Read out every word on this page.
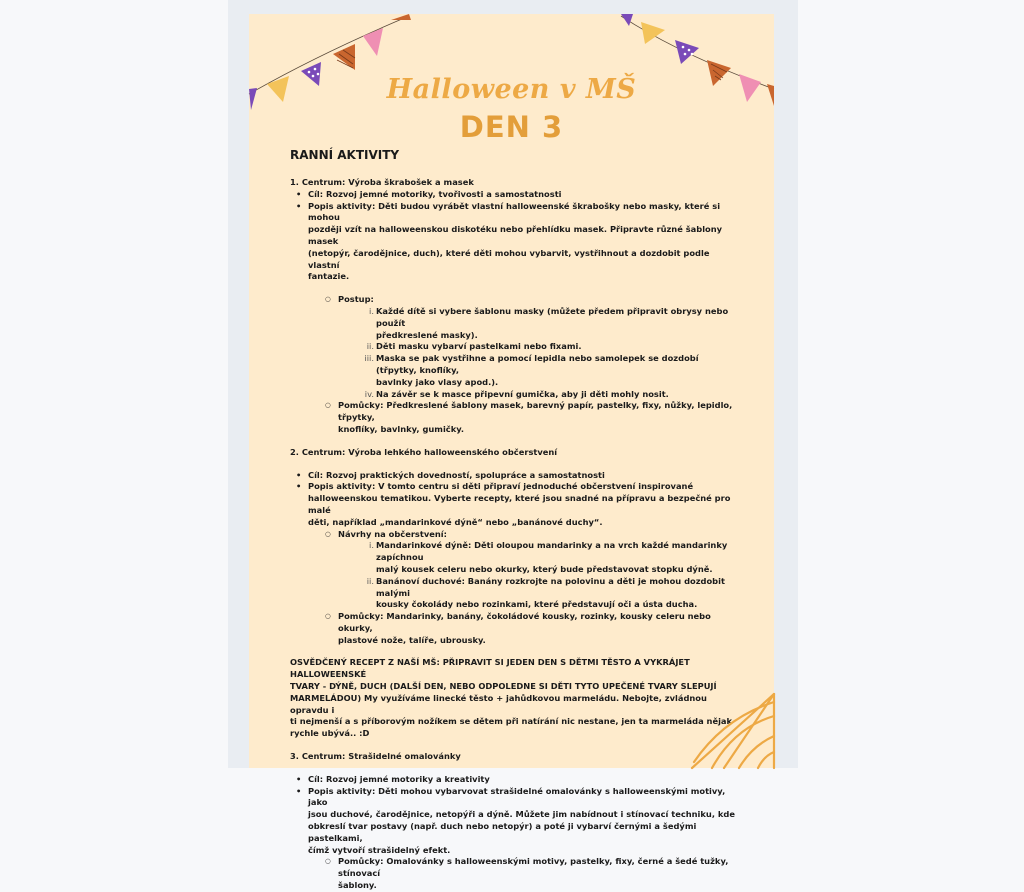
Halloween v MŠ
DEN 3
RANNÍ AKTIVITY

1. Centrum: Výroba škrabošek a masek

• Cíl: Rozvoj jemné motoriky, tvořivosti a samostatnosti
• Popis aktivity: Děti budou vyrábět vlastní halloweenské škrabošky nebo masky, které si mohou
později vzít na halloweenskou diskotéku nebo přehlídku masek. Připravte různé šablony masek
(netopýr, čarodějnice, duch), které děti mohou vybarvit, vystřihnout a dozdobit podle vlastní
fantazie.
○ Postup:
i. Každé dítě si vybere šablonu masky (můžete předem připravit obrysy nebo použít
předkreslené masky).
ii. Děti masku vybarví pastelkami nebo fixami.
iii. Maska se pak vystřihne a pomocí lepidla nebo samolepek se dozdobí (třpytky, knoflíky,
bavlnky jako vlasy apod.).
iv. Na závěr se k masce připevní gumička, aby ji děti mohly nosit.
○ Pomůcky: Předkreslené šablony masek, barevný papír, pastelky, fixy, nůžky, lepidlo, třpytky,
knoflíky, bavlnky, gumičky.

2. Centrum: Výroba lehkého halloweenského občerstvení

• Cíl: Rozvoj praktických dovedností, spolupráce a samostatnosti
• Popis aktivity: V tomto centru si děti připraví jednoduché občerstvení inspirované
halloweenskou tematikou. Vyberte recepty, které jsou snadné na přípravu a bezpečné pro malé
děti, například „mandarinkové dýně“ nebo „banánové duchy“.
○ Návrhy na občerstvení:
i. Mandarinkové dýně: Děti oloupou mandarinky a na vrch každé mandarinky zapíchnou
malý kousek celeru nebo okurky, který bude představovat stopku dýně.
ii. Banánoví duchové: Banány rozkrojte na polovinu a děti je mohou dozdobit malými
kousky čokolády nebo rozinkami, které představují oči a ústa ducha.
○ Pomůcky: Mandarinky, banány, čokoládové kousky, rozinky, kousky celeru nebo okurky,
plastové nože, talíře, ubrousky.
OSVĚDČENÝ RECEPT Z NAŠÍ MŠ: PŘIPRAVIT SI JEDEN DEN S DĚTMI TĚSTO A VYKRÁJET HALLOWEENSKÉ
TVARY - DÝNĚ, DUCH (DALŠÍ DEN, NEBO ODPOLEDNE SI DĚTI TYTO UPEČENÉ TVARY SLEPUJÍ
MARMELÁDOU) My využíváme linecké těsto + jahůdkovou marmeládu. Nebojte, zvládnou opravdu i
ti nejmenší a s příborovým nožíkem se dětem při natírání nic nestane, jen ta marmeláda nějak
rychle ubývá.. :D

3. Centrum: Strašidelné omalovánky

• Cíl: Rozvoj jemné motoriky a kreativity
• Popis aktivity: Děti mohou vybarvovat strašidelné omalovánky s halloweenskými motivy, jako
jsou duchové, čarodějnice, netopýři a dýně. Můžete jim nabídnout i stínovací techniku, kde
obkreslí tvar postavy (např. duch nebo netopýr) a poté ji vybarví černými a šedými pastelkami,
čímž vytvoří strašidelný efekt.
○ Pomůcky: Omalovánky s halloweenskými motivy, pastelky, fixy, černé a šedé tužky, stínovací
šablony.
